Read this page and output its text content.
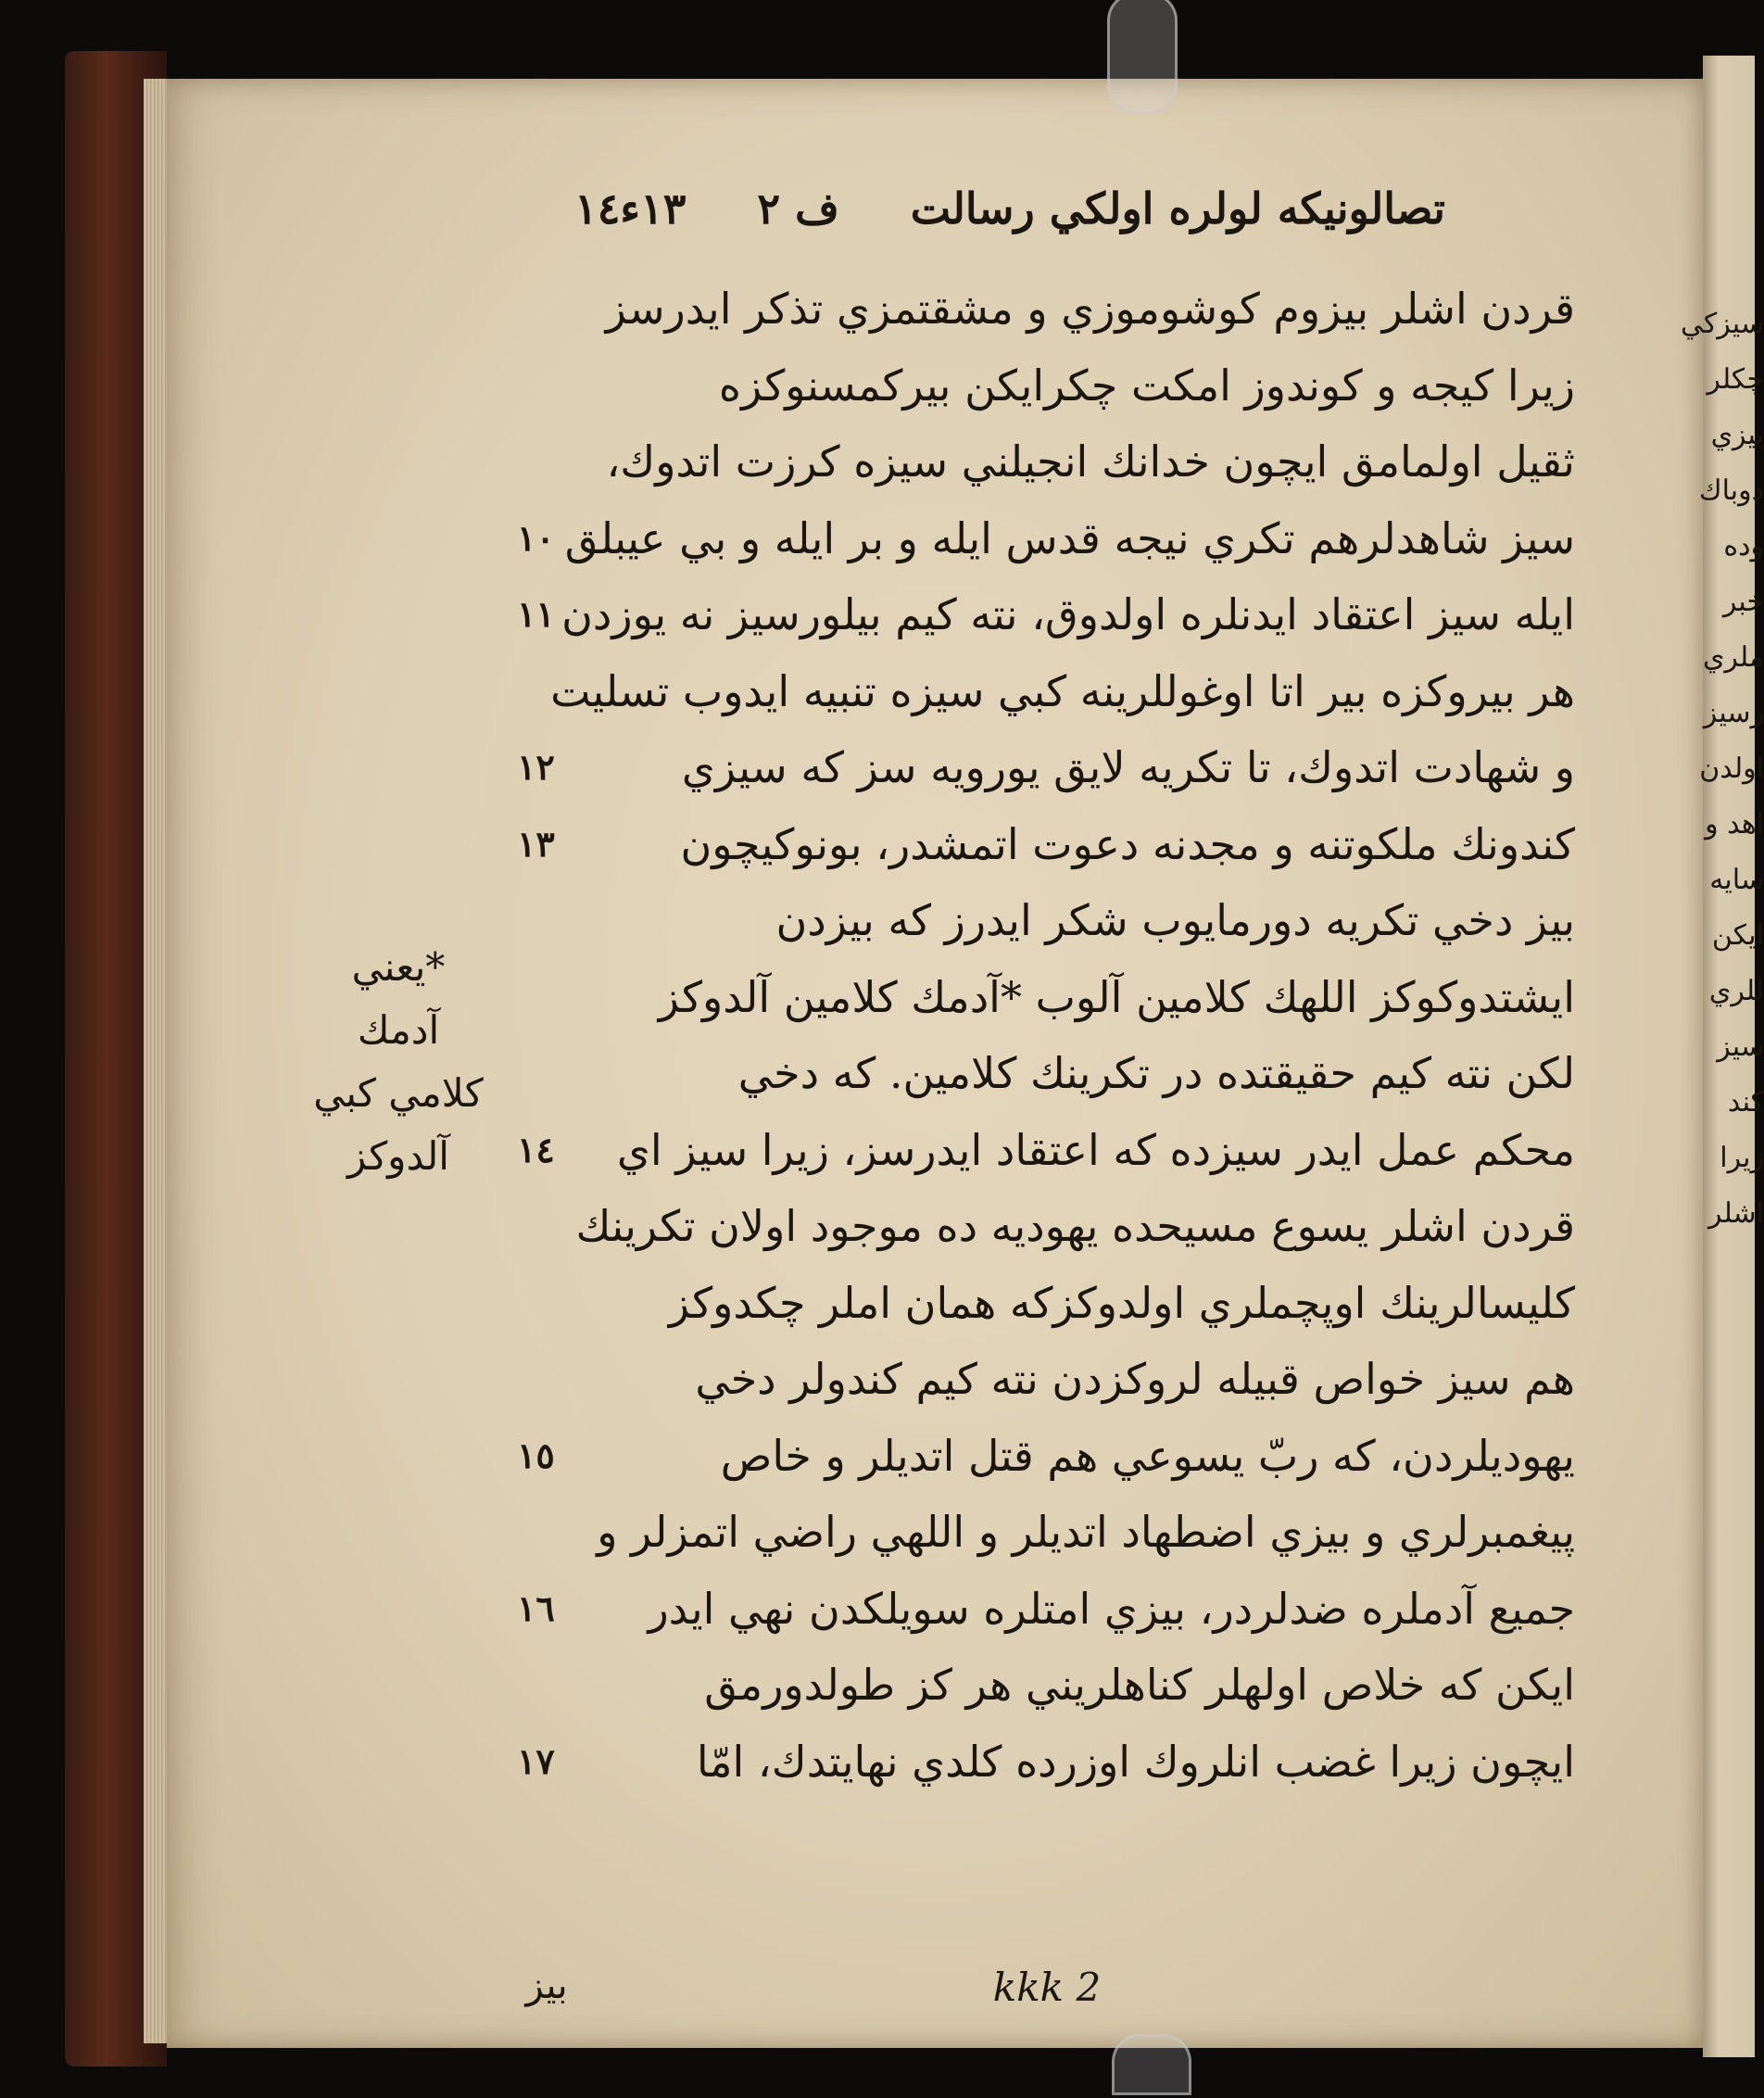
سيزكي
چكلر
بيزي
دوباك
وده
خبر
ملري
رسيز
اولدن
اهد و
سايه
ايكن
للري
سيز
كند
زيرا
اشلر
تصالونيكه لولره اولكي رسالت
ف ٢
١٣ء١٤
قردن اشلر بيزوم كوشوموزي و مشقتمزي تذكر ايدرسز
زيرا كيجه و كوندوز امكت چكرايكن بيركمسنوكزه
ثقيل اولمامق ايچون خدانك انجيلني سيزه كرزت اتدوك،
سيز شاهدلرهم تكري نيجه قدس ايله و بر ايله و بي عيبلق
١٠
ايله سيز اعتقاد ايدنلره اولدوق، نته كيم بيلورسيز نه يوزدن
١١
هر بيروكزه بير اتا اوغوللرينه كبي سيزه تنبيه ايدوب تسليت
و شهادت اتدوك، تا تكريه لايق يورويه سز كه سيزي
١٢
كندونك ملكوتنه و مجدنه دعوت اتمشدر، بونوكيچون
١٣
بيز دخي تكريه دورمايوب شكر ايدرز كه بيزدن
ايشتدوكوكز اللهك كلامين آلوب *آدمك كلامين آلدوكز
لكن نته كيم حقيقتده در تكرينك كلامين. كه دخي
محكم عمل ايدر سيزده كه اعتقاد ايدرسز، زيرا سيز اي
١٤
قردن اشلر يسوع مسيحده يهوديه ده موجود اولان تكرينك
كليسالرينك اوپچملري اولدوكزكه همان املر چكدوكز
هم سيز خواص قبيله لروكزدن نته كيم كندولر دخي
يهوديلردن، كه ربّ يسوعي هم قتل اتديلر و خاص
١٥
پيغمبرلري و بيزي اضطهاد اتديلر و اللهي راضي اتمزلر و
جميع آدملره ضدلردر، بيزي امتلره سويلكدن نهي ايدر
١٦
ايكن كه خلاص اولهلر كناهلريني هر كز طولدورمق
ايچون زيرا غضب انلروك اوزرده كلدي نهايتدك، امّا
١٧
*يعني
آدمك
كلامي كبي
آلدوكز
بيز	kkk 2
